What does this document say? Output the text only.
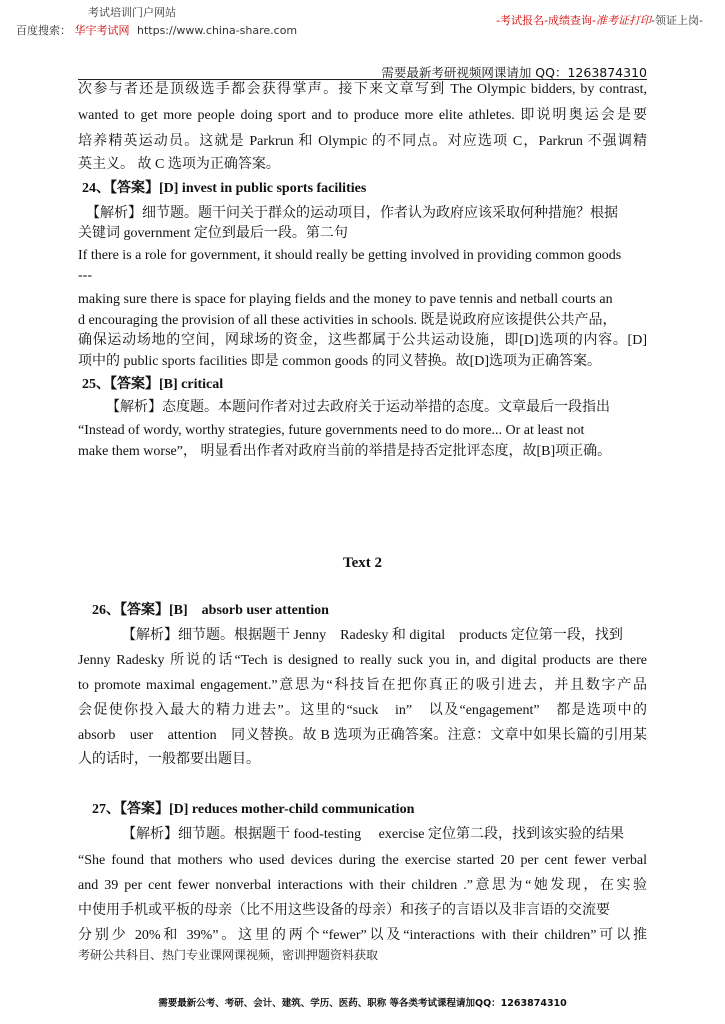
考试培训门户网站
百度搜索： 华宇考试网 https://www.china-share.com
-考试报名-成绩查询-准考证打印-领证上岗-
需要最新考研视频网课请加 QQ：1263874310
次参与者还是顶级选手都会获得掌声。接下来文章写到 The Olympic bidders, by contrast,
wanted to get more people doing sport and to produce more elite athletes. 即说明奥运会是要
培养精英运动员。这就是 Parkrun 和 Olympic 的不同点。对应选项 C，Parkrun 不强调精
英主义。 故 C 选项为正确答案。
24、【答案】[D] invest in public sports facilities
【解析】细节题。题干问关于群众的运动项目，作者认为政府应该采取何种措施？根据
关键词 government 定位到最后一段。第二句
If there is a role for government, it should really be getting involved in providing common goods
---
making sure there is space for playing fields and the money to pave tennis and netball courts an
d encouraging the provision of all these activities in schools. 既是说政府应该提供公共产品，
确保运动场地的空间，网球场的资金，这些都属于公共运动设施，即[D]选项的内容。[D]
项中的 public sports facilities 即是 common goods 的同义替换。故[D]选项为正确答案。
25、【答案】[B] critical
【解析】态度题。本题问作者对过去政府关于运动举措的态度。文章最后一段指出
“Instead of wordy, worthy strategies, future governments need to do more... Or at least not
make them worse”， 明显看出作者对政府当前的举措是持否定批评态度，故[B]项正确。
Text 2
26、【答案】[B]　absorb user attention
【解析】细节题。根据题干 Jenny　Radesky 和 digital　products 定位第一段，找到
Jenny Radesky 所说的话“Tech is designed to really suck you in, and digital products are there
to promote maximal engagement.”意思为“科技旨在把你真正的吸引进去，并且数字产品
会促使你投入最大的精力进去”。这里的“suck　in”　以及“engagement”　都是选项中的
absorb　user　attention　同义替换。故 B 选项为正确答案。注意：文章中如果长篇的引用某
人的话时，一般都要出题目。
27、【答案】[D] reduces mother-child communication
【解析】细节题。根据题干 food-testing　 exercise 定位第二段，找到该实验的结果
“She found that mothers who used devices during the exercise started 20 per cent fewer verbal
and 39 per cent fewer nonverbal interactions with their children .”意思为“她发现，在实验
中使用手机或平板的母亲（比不用这些设备的母亲）和孩子的言语以及非言语的交流要
分别少 20%和 39%”。这里的两个“fewer”以及“interactions with their children”可以推
考研公共科目、热门专业课网课视频，密训押题资料获取
需要最新公考、考研、会计、建筑、学历、医药、职称 等各类考试课程请加QQ：1263874310
